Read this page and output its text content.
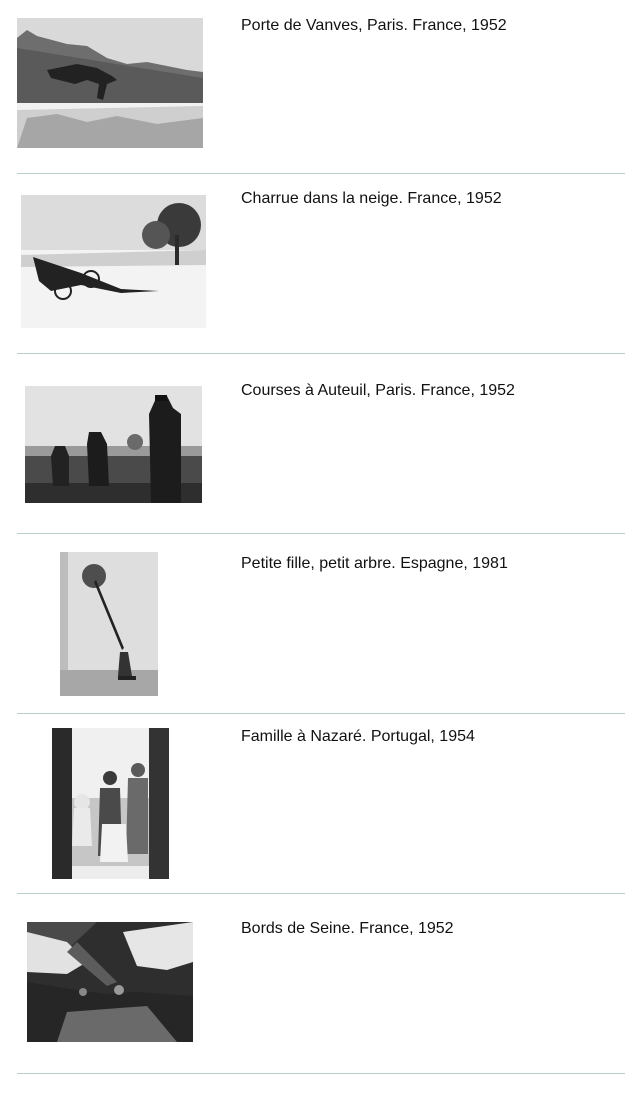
Porte de Vanves, Paris. France, 1952
Charrue dans la neige. France, 1952
Courses à Auteuil, Paris. France, 1952
Petite fille, petit arbre. Espagne, 1981
Famille à Nazaré. Portugal, 1954
Bords de Seine. France, 1952
